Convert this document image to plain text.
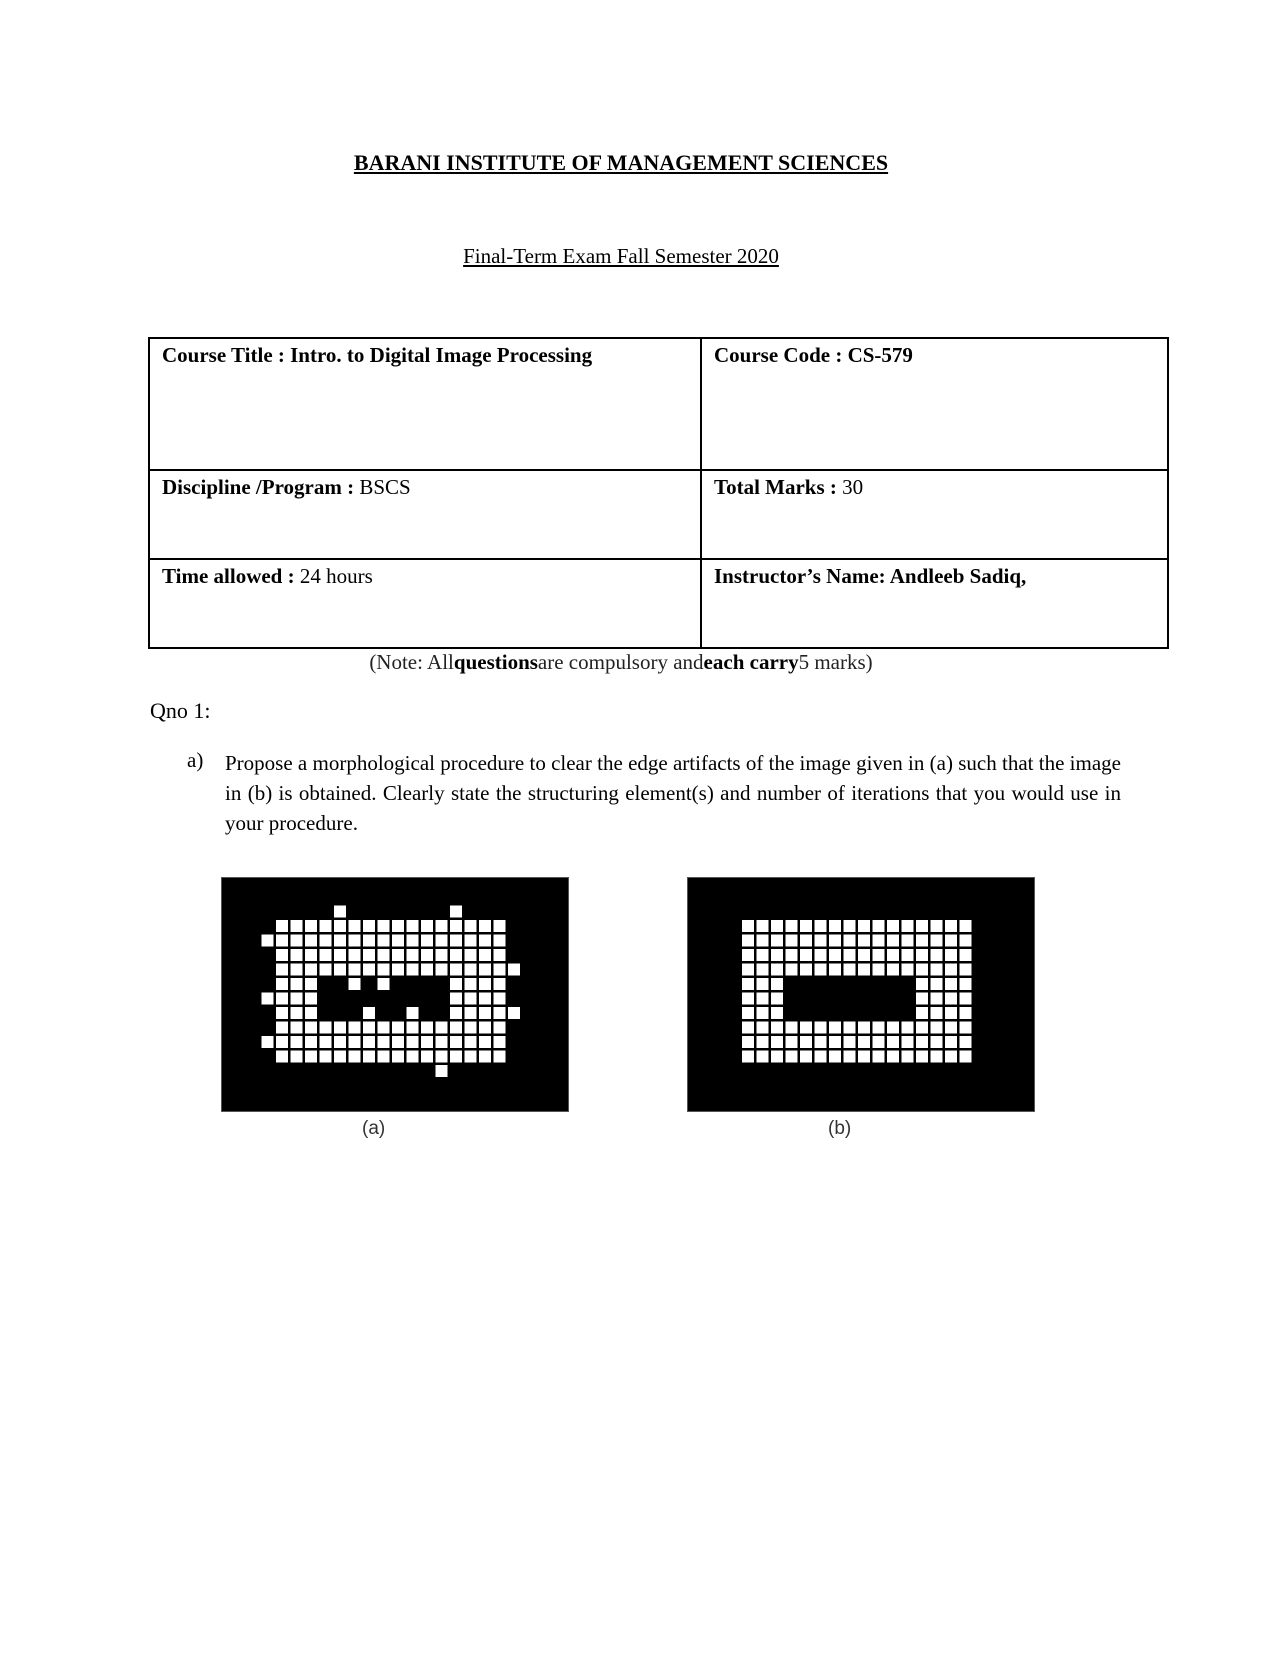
BARANI INSTITUTE OF MANAGEMENT SCIENCES
Final-Term Exam Fall Semester 2020
Course Title : Intro. to Digital Image Processing	Course Code : CS-579
Discipline /Program : BSCS	Total Marks : 30
Time allowed : 24 hours	Instructor’s Name: Andleeb Sadiq,
(Note: Allquestionsare compulsory andeach carry5 marks)
Qno 1:
a) Propose a morphological procedure to clear the edge artifacts of the image given in (a) such that the image in (b) is obtained. Clearly state the structuring element(s) and number of iterations that you would use in your procedure.
(a)	(b)
